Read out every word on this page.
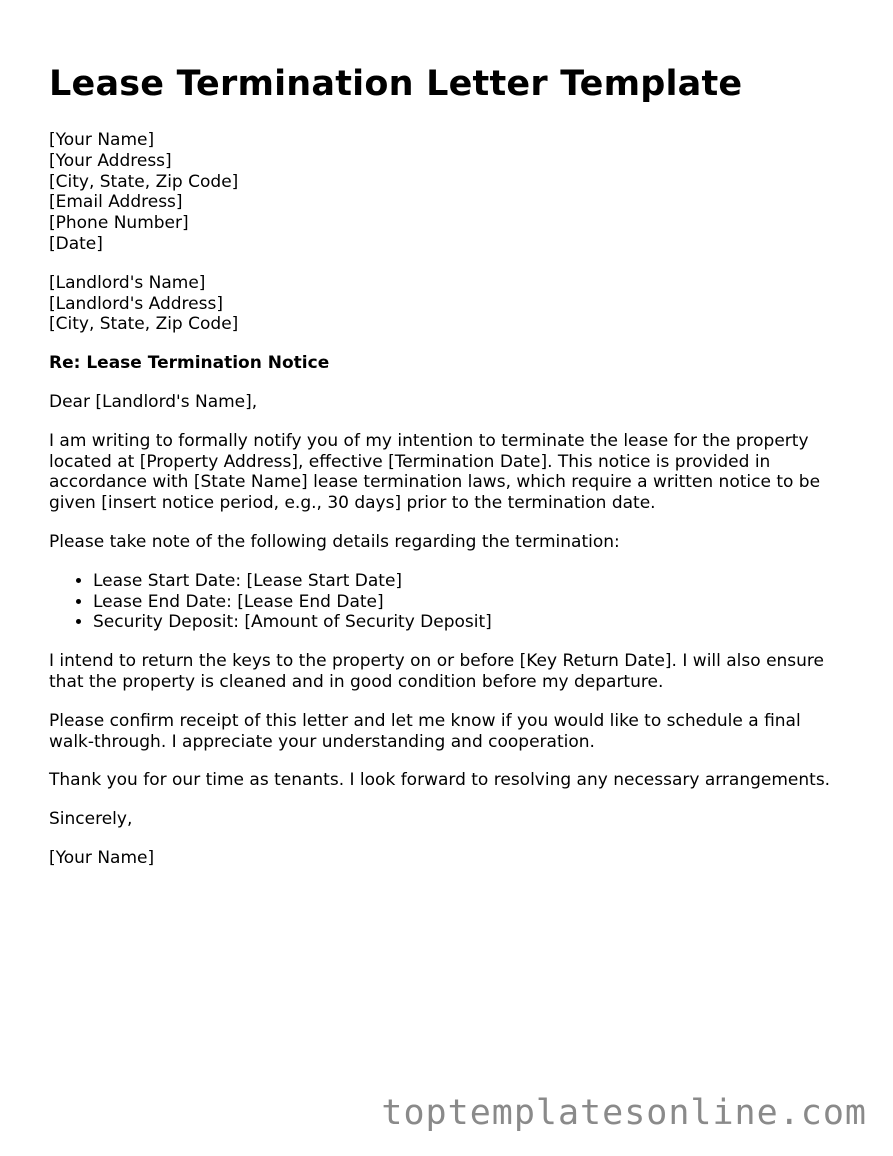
Lease Termination Letter Template
[Your Name]
[Your Address]
[City, State, Zip Code]
[Email Address]
[Phone Number]
[Date]
[Landlord's Name]
[Landlord's Address]
[City, State, Zip Code]

Re: Lease Termination Notice

Dear [Landlord's Name],

I am writing to formally notify you of my intention to terminate the lease for the property located at [Property Address], effective [Termination Date]. This notice is provided in accordance with [State Name] lease termination laws, which require a written notice to be given [insert notice period, e.g., 30 days] prior to the termination date.

Please take note of the following details regarding the termination:

• Lease Start Date: [Lease Start Date]
• Lease End Date: [Lease End Date]
• Security Deposit: [Amount of Security Deposit]

I intend to return the keys to the property on or before [Key Return Date]. I will also ensure that the property is cleaned and in good condition before my departure.

Please confirm receipt of this letter and let me know if you would like to schedule a final walk-through. I appreciate your understanding and cooperation.

Thank you for our time as tenants. I look forward to resolving any necessary arrangements.

Sincerely,

[Your Name]

toptemplatesonline.com
